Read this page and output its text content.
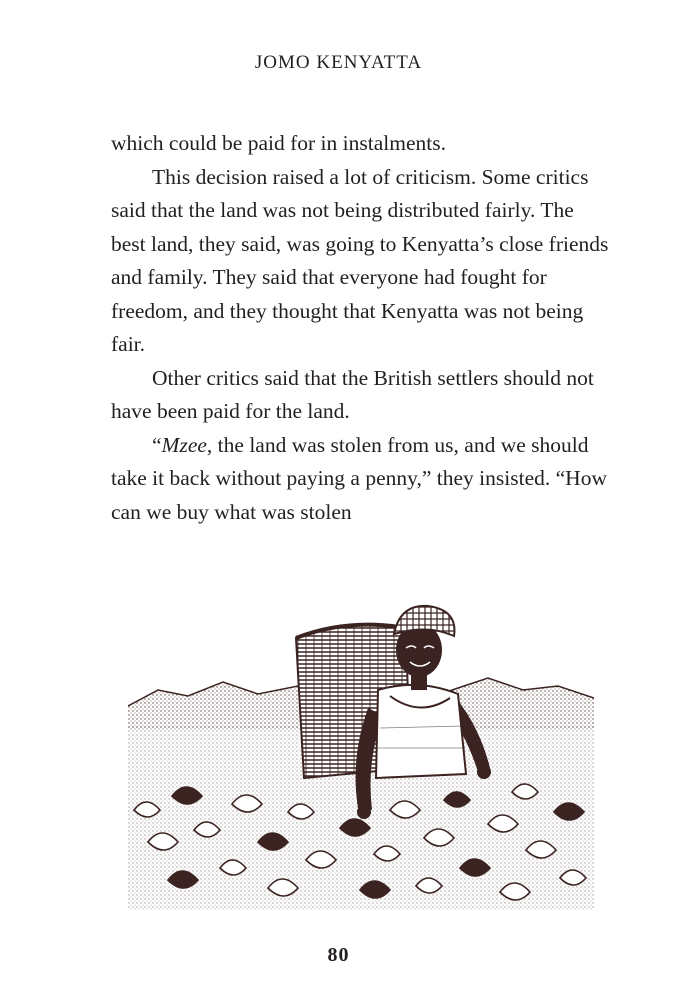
JOMO KENYATTA

which could be paid for in instalments.

This decision raised a lot of criticism. Some critics said that the land was not being distributed fairly. The best land, they said, was going to Kenyatta’s close friends and family. They said that everyone had fought for freedom, and they thought that Kenyatta was not being fair.

Other critics said that the British settlers should not have been paid for the land.

“Mzee, the land was stolen from us, and we should take it back without paying a penny,” they insisted. “How can we buy what was stolen

80
